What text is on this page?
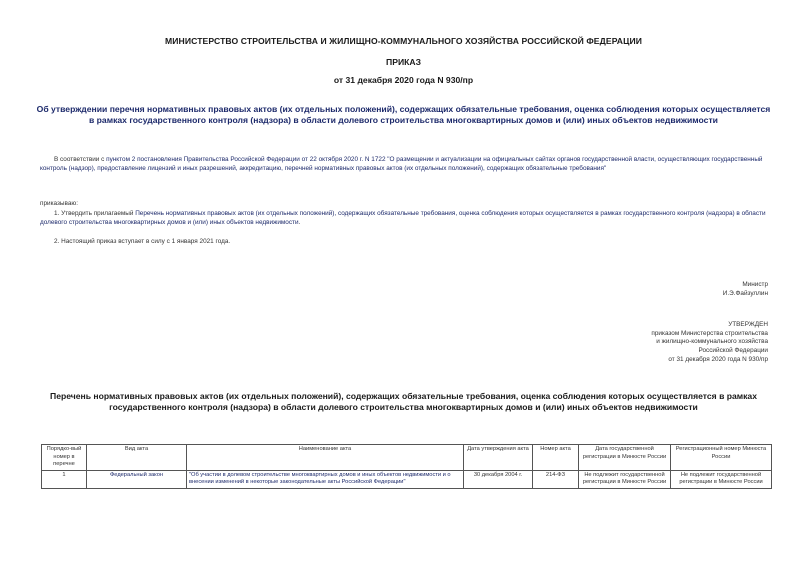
МИНИСТЕРСТВО СТРОИТЕЛЬСТВА И ЖИЛИЩНО-КОММУНАЛЬНОГО ХОЗЯЙСТВА РОССИЙСКОЙ ФЕДЕРАЦИИ
ПРИКАЗ
от 31 декабря 2020 года N 930/пр
Об утверждении перечня нормативных правовых актов (их отдельных положений), содержащих обязательные требования, оценка соблюдения которых осуществляется в рамках государственного контроля (надзора) в области долевого строительства многоквартирных домов и (или) иных объектов недвижимости
В соответствии с пунктом 2 постановления Правительства Российской Федерации от 22 октября 2020 г. N 1722 "О размещении и актуализации на официальных сайтах органов государственной власти, осуществляющих государственный контроль (надзор), предоставление лицензий и иных разрешений, аккредитацию, перечней нормативных правовых актов (их отдельных положений), содержащих обязательные требования"
приказываю:
1. Утвердить прилагаемый Перечень нормативных правовых актов (их отдельных положений), содержащих обязательные требования, оценка соблюдения которых осуществляется в рамках государственного контроля (надзора) в области долевого строительства многоквартирных домов и (или) иных объектов недвижимости.
2. Настоящий приказ вступает в силу с 1 января 2021 года.
Министр
И.Э.Файзуллин
УТВЕРЖДЕН
приказом Министерства строительства
и жилищно-коммунального хозяйства
Российской Федерации
от 31 декабря 2020 года N 930/пр
Перечень нормативных правовых актов (их отдельных положений), содержащих обязательные требования, оценка соблюдения которых осуществляется в рамках государственного контроля (надзора) в области долевого строительства многоквартирных домов и (или) иных объектов недвижимости
Порядко-вый номер в перечне	Вид акта	Наименование акта	Дата утверждения акта	Номер акта	Дата государственной регистрации в Минюсте России	Регистрационный номер Минюста России
1	Федеральный закон	"Об участии в долевом строительстве многоквартирных домов и иных объектов недвижимости и о внесении изменений в некоторые законодательные акты Российской Федерации"	30 декабря 2004 г.	214-ФЗ	Не подлежит государственной регистрации в Минюсте России	Не подлежит государственной регистрации в Минюсте России
